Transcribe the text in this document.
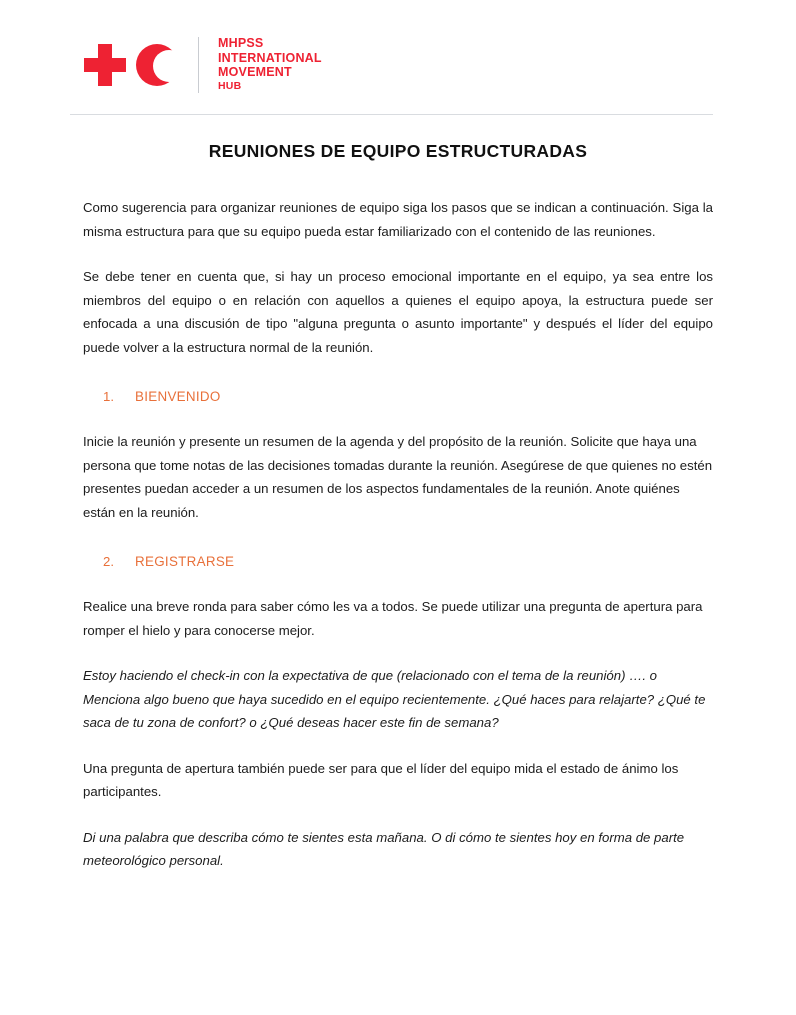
MHPSS
INTERNATIONAL
MOVEMENT
HUB
REUNIONES DE EQUIPO ESTRUCTURADAS

Como sugerencia para organizar reuniones de equipo siga los pasos que se indican a continuación. Siga la misma estructura para que su equipo pueda estar familiarizado con el contenido de las reuniones.

Se debe tener en cuenta que, si hay un proceso emocional importante en el equipo, ya sea entre los miembros del equipo o en relación con aquellos a quienes el equipo apoya, la estructura puede ser enfocada a una discusión de tipo "alguna pregunta o asunto importante" y después el líder del equipo puede volver a la estructura normal de la reunión.

1.	BIENVENIDO

Inicie la reunión y presente un resumen de la agenda y del propósito de la reunión. Solicite que haya una persona que tome notas de las decisiones tomadas durante la reunión. Asegúrese de que quienes no estén presentes puedan acceder a un resumen de los aspectos fundamentales de la reunión. Anote quiénes están en la reunión.

2.	REGISTRARSE

Realice una breve ronda para saber cómo les va a todos. Se puede utilizar una pregunta de apertura para romper el hielo y para conocerse mejor.

Estoy haciendo el check-in con la expectativa de que (relacionado con el tema de la reunión) …. o Menciona algo bueno que haya sucedido en el equipo recientemente. ¿Qué haces para relajarte? ¿Qué te saca de tu zona de confort? o ¿Qué deseas hacer este fin de semana?

Una pregunta de apertura también puede ser para que el líder del equipo mida el estado de ánimo los participantes.

Di una palabra que describa cómo te sientes esta mañana. O di cómo te sientes hoy en forma de parte meteorológico personal.
